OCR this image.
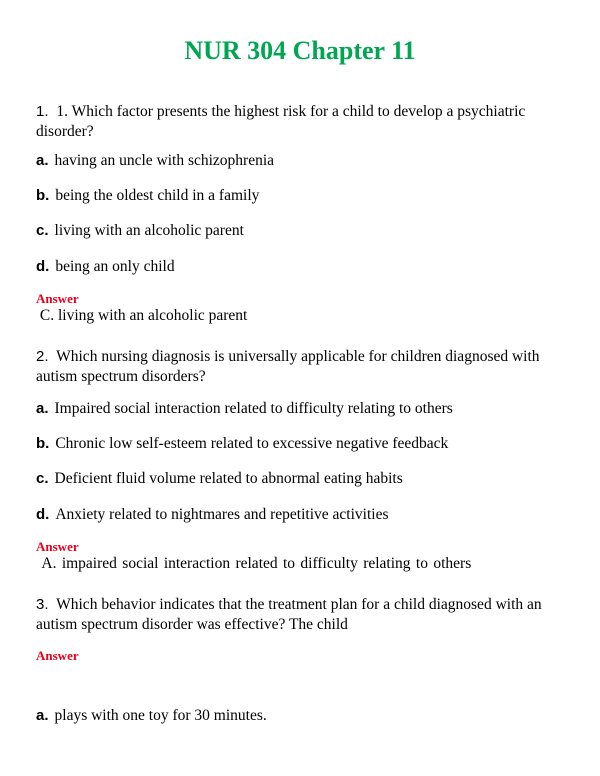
NUR 304 Chapter 11
1. 1. Which factor presents the highest risk for a child to develop a psychiatric disorder?
a. having an uncle with schizophrenia
b. being the oldest child in a family
c. living with an alcoholic parent
d. being an only child
Answer
C. living with an alcoholic parent
2. Which nursing diagnosis is universally applicable for children diagnosed with autism spectrum disorders?
a. Impaired social interaction related to difficulty relating to others
b. Chronic low self-esteem related to excessive negative feedback
c. Deficient fluid volume related to abnormal eating habits
d. Anxiety related to nightmares and repetitive activities
Answer
A. impaired social interaction related to difficulty relating to others
3. Which behavior indicates that the treatment plan for a child diagnosed with an autism spectrum disorder was effective? The child
Answer
a. plays with one toy for 30 minutes.
